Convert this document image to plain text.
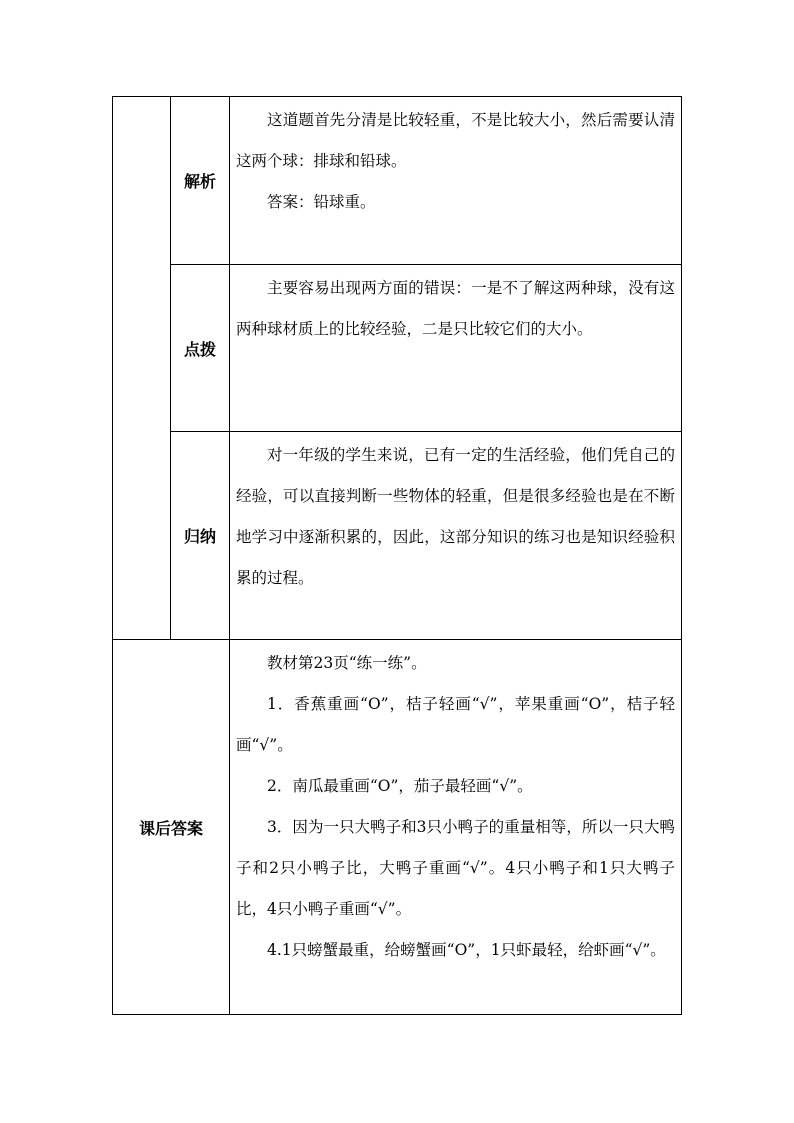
	解析	这道题首先分清是比较轻重，不是比较大小，然后需要认清这两个球：排球和铅球。

答案：铅球重。

	点拨	主要容易出现两方面的错误：一是不了解这两种球，没有这两种球材质上的比较经验，二是只比较它们的大小。

	归纳	对一年级的学生来说，已有一定的生活经验，他们凭自己的经验，可以直接判断一些物体的轻重，但是很多经验也是在不断地学习中逐渐积累的，因此，这部分知识的练习也是知识经验积累的过程。

课后答案		教材第23页“练一练”。

1．香蕉重画“O”，桔子轻画“√”，苹果重画“O”，桔子轻画“√”。

2．南瓜最重画“O”，茄子最轻画“√”。

3．因为一只大鸭子和3只小鸭子的重量相等，所以一只大鸭子和2只小鸭子比，大鸭子重画“√”。4只小鸭子和1只大鸭子比，4只小鸭子重画“√”。

4.1只螃蟹最重，给螃蟹画“O”，1只虾最轻，给虾画“√”。
